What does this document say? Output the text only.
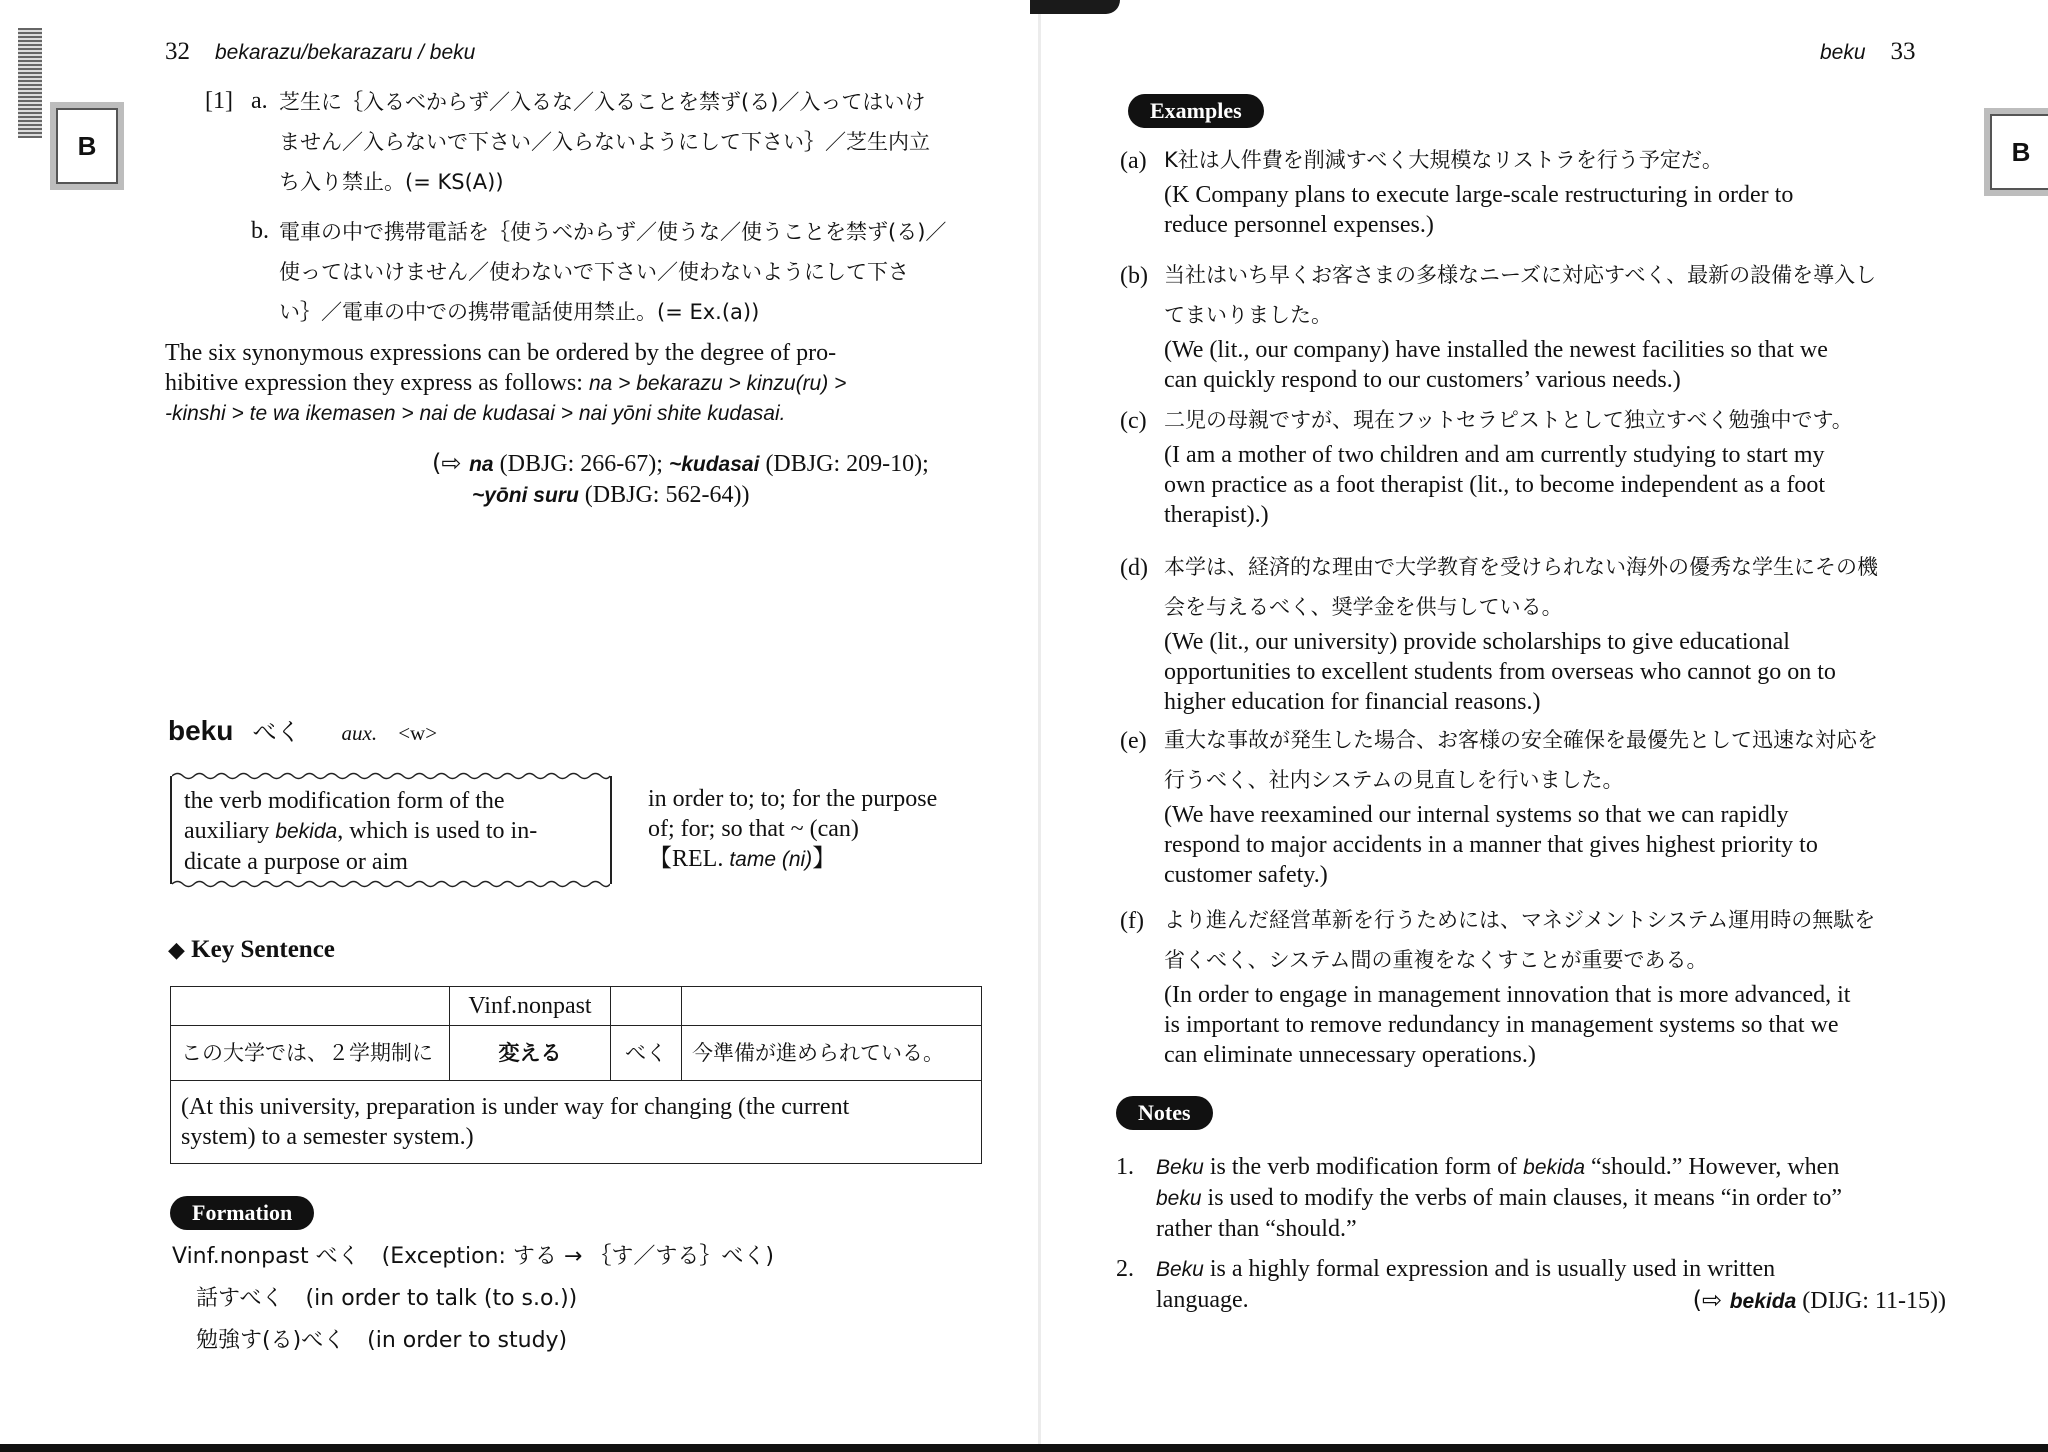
B
32 bekarazu/bekarazaru / beku
[1] a. 芝生に｛入るべからず／入るな／入ることを禁ず(る)／入ってはいけ
ません／入らないで下さい／入らないようにして下さい｝／芝生内立
ち入り禁止。(= KS(A))
b. 電車の中で携帯電話を｛使うべからず／使うな／使うことを禁ず(る)／
使ってはいけません／使わないで下さい／使わないようにして下さ
い｝／電車の中での携帯電話使用禁止。(= Ex.(a))
The six synonymous expressions can be ordered by the degree of pro-
hibitive expression they express as follows: na > bekarazu > kinzu(ru) >
-kinshi > te wa ikemasen > nai de kudasai > nai yōni shite kudasai.
(⇨ na (DBJG: 266-67); ~kudasai (DBJG: 209-10);
~yōni suru (DBJG: 562-64))
beku べく aux. <w>
the verb modification form of the
auxiliary bekida, which is used to in-
dicate a purpose or aim
in order to; to; for the purpose
of; for; so that ~ (can)
【REL. tame (ni)】
◆ Key Sentence
	Vinf.nonpast		
この大学では、２学期制に	変える	べく	今準備が進められている。

(At this university, preparation is under way for changing (the current
system) to a semester system.)			
Formation
Vinf.nonpast べく　(Exception: する → ｛す／する｝べく)
話すべく　(in order to talk (to s.o.))
勉強す(る)べく　(in order to study)
beku 33
B
Examples
(a) K社は人件費を削減すべく大規模なリストラを行う予定だ。
(K Company plans to execute large-scale restructuring in order to
reduce personnel expenses.)
(b) 当社はいち早くお客さまの多様なニーズに対応すべく、最新の設備を導入し
てまいりました。
(We (lit., our company) have installed the newest facilities so that we
can quickly respond to our customers’ various needs.)
(c) 二児の母親ですが、現在フットセラピストとして独立すべく勉強中です。
(I am a mother of two children and am currently studying to start my
own practice as a foot therapist (lit., to become independent as a foot
therapist).)
(d) 本学は、経済的な理由で大学教育を受けられない海外の優秀な学生にその機
会を与えるべく、奨学金を供与している。
(We (lit., our university) provide scholarships to give educational
opportunities to excellent students from overseas who cannot go on to
higher education for financial reasons.)
(e) 重大な事故が発生した場合、お客様の安全確保を最優先として迅速な対応を
行うべく、社内システムの見直しを行いました。
(We have reexamined our internal systems so that we can rapidly
respond to major accidents in a manner that gives highest priority to
customer safety.)
(f) より進んだ経営革新を行うためには、マネジメントシステム運用時の無駄を
省くべく、システム間の重複をなくすことが重要である。
(In order to engage in management innovation that is more advanced, it
is important to remove redundancy in management systems so that we
can eliminate unnecessary operations.)
Notes
1. Beku is the verb modification form of bekida “should.” However, when
beku is used to modify the verbs of main clauses, it means “in order to”
rather than “should.”
2. Beku is a highly formal expression and is usually used in written
language.	(⇨ bekida (DIJG: 11-15))
